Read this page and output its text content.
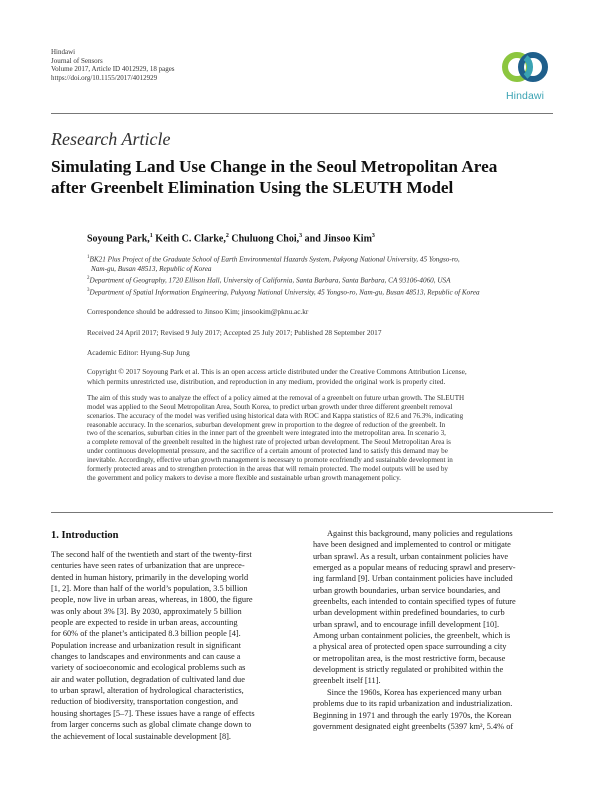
Hindawi
Journal of Sensors
Volume 2017, Article ID 4012929, 18 pages
https://doi.org/10.1155/2017/4012929
Hindawi
Research Article
Simulating Land Use Change in the Seoul Metropolitan Area
after Greenbelt Elimination Using the SLEUTH Model
Soyoung Park,$^1$ Keith C. Clarke,$^2$ Chuluong Choi,$^3$ and Jinsoo Kim$^3$
$^1$BK21 Plus Project of the Graduate School of Earth Environmental Hazards System, Pukyong National University, 45 Yongso-ro,
Nam-gu, Busan 48513, Republic of Korea
$^2$Department of Geography, 1720 Ellison Hall, University of California, Santa Barbara, Santa Barbara, CA 93106-4060, USA
$^3$Department of Spatial Information Engineering, Pukyong National University, 45 Yongso-ro, Nam-gu, Busan 48513, Republic of Korea
Correspondence should be addressed to Jinsoo Kim; jinsookim@pknu.ac.kr
Received 24 April 2017; Revised 9 July 2017; Accepted 25 July 2017; Published 28 September 2017
Academic Editor: Hyung-Sup Jung
Copyright © 2017 Soyoung Park et al. This is an open access article distributed under the Creative Commons Attribution License,
which permits unrestricted use, distribution, and reproduction in any medium, provided the original work is properly cited.
The aim of this study was to analyze the effect of a policy aimed at the removal of a greenbelt on future urban growth. The SLEUTH
model was applied to the Seoul Metropolitan Area, South Korea, to predict urban growth under three different greenbelt removal
scenarios. The accuracy of the model was verified using historical data with ROC and Kappa statistics of 82.6 and 76.3%, indicating
reasonable accuracy. In the scenarios, suburban development grew in proportion to the degree of reduction of the greenbelt. In
two of the scenarios, suburban cities in the inner part of the greenbelt were integrated into the metropolitan area. In scenario 3,
a complete removal of the greenbelt resulted in the highest rate of projected urban development. The Seoul Metropolitan Area is
under continuous developmental pressure, and the sacrifice of a certain amount of protected land to satisfy this demand may be
inevitable. Accordingly, effective urban growth management is necessary to promote ecofriendly and sustainable development in
formerly protected areas and to strengthen protection in the areas that will remain protected. The model outputs will be used by
the government and policy makers to devise a more flexible and sustainable urban growth management policy.
1. Introduction
The second half of the twentieth and start of the twenty-first
centuries have seen rates of urbanization that are unprece-
dented in human history, primarily in the developing world
[1, 2]. More than half of the world’s population, 3.5 billion
people, now live in urban areas, whereas, in 1800, the figure
was only about 3% [3]. By 2030, approximately 5 billion
people are expected to reside in urban areas, accounting
for 60% of the planet’s anticipated 8.3 billion people [4].
Population increase and urbanization result in significant
changes to landscapes and environments and can cause a
variety of socioeconomic and ecological problems such as
air and water pollution, degradation of cultivated land due
to urban sprawl, alteration of hydrological characteristics,
reduction of biodiversity, transportation congestion, and
housing shortages [5–7]. These issues have a range of effects
from larger concerns such as global climate change down to
the achievement of local sustainable development [8].
Against this background, many policies and regulations
have been designed and implemented to control or mitigate
urban sprawl. As a result, urban containment policies have
emerged as a popular means of reducing sprawl and preserv-
ing farmland [9]. Urban containment policies have included
urban growth boundaries, urban service boundaries, and
greenbelts, each intended to contain specified types of future
urban development within predefined boundaries, to curb
urban sprawl, and to encourage infill development [10].
Among urban containment policies, the greenbelt, which is
a physical area of protected open space surrounding a city
or metropolitan area, is the most restrictive form, because
development is strictly regulated or prohibited within the
greenbelt itself [11].
Since the 1960s, Korea has experienced many urban
problems due to its rapid urbanization and industrialization.
Beginning in 1971 and through the early 1970s, the Korean
government designated eight greenbelts (5397 km², 5.4% of
